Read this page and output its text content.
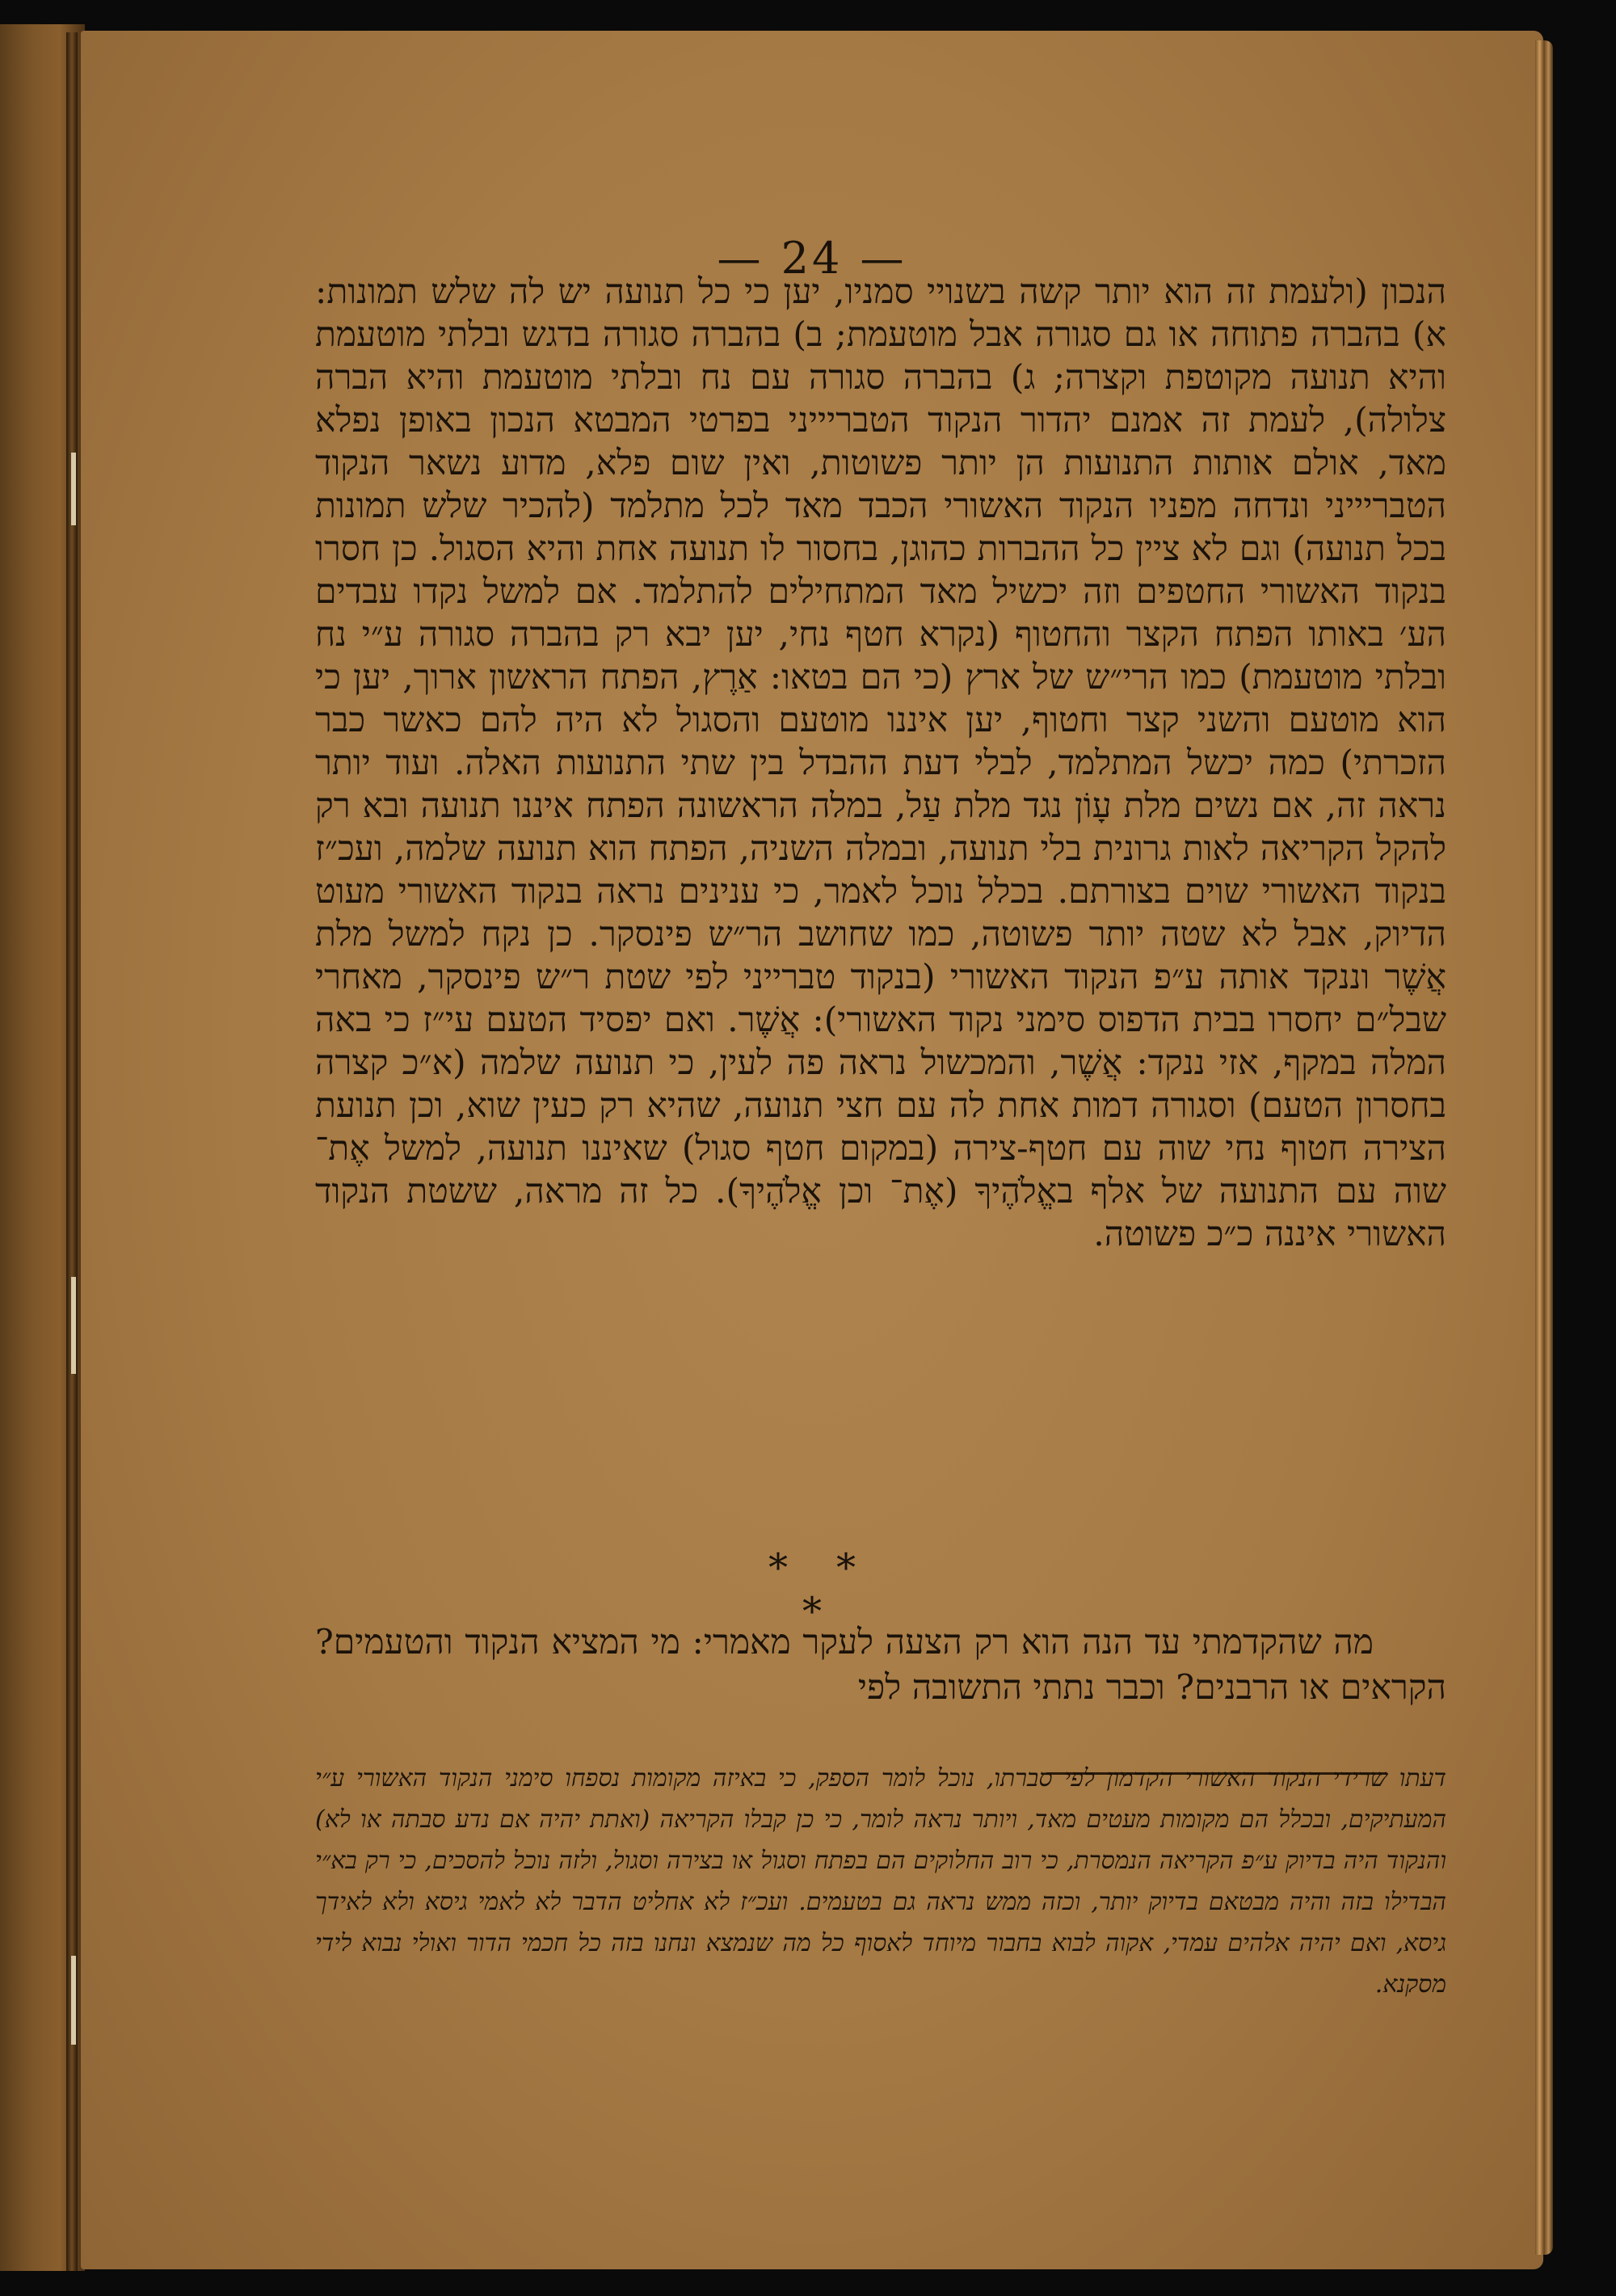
— 24 —
* *
*

הנכון (ולעמת זה הוא יותר קשה בשנויי סמניו, יען כי כל תנועה יש לה שלש תמונות: א) בהברה פתוחה או גם סגורה אבל מוטעמת; ב) בהברה סגורה בדגש ובלתי מוטעמת והיא תנועה מקוטפת וקצרה; ג) בהברה סגורה עם נח ובלתי מוטעמת והיא הברה צלולה), לעמת זה אמנם יהדור הנקוד הטבריייני בפרטי המבטא הנכון באופן נפלא מאד, אולם אותות התנועות הן יותר פשוטות, ואין שום פלא, מדוע נשאר הנקוד הטבריייני ונדחה מפניו הנקוד האשורי הכבד מאד לכל מתלמד (להכיר שלש תמונות בכל תנועה) וגם לא ציין כל ההברות כהוגן, בחסור לו תנועה אחת והיא הסגול. כן חסרו בנקוד האשורי החטפים וזה יכשיל מאד המתחילים להתלמד. אם למשל נקדו עבדים הע׳ באותו הפתח הקצר והחטוף (נקרא חטף נחי, יען יבא רק בהברה סגורה ע״י נח ובלתי מוטעמת) כמו הרי״ש של ארץ (כי הם בטאו: אַרֶץ, הפתח הראשון ארוך, יען כי הוא מוטעם והשני קצר וחטוף, יען איננו מוטעם והסגול לא היה להם כאשר כבר הזכרתי) כמה יכשל המתלמד, לבלי דעת ההבדל בין שתי התנועות האלה. ועוד יותר נראה זה, אם נשים מלת עָוֹן נגד מלת עַל, במלה הראשונה הפתח איננו תנועה ובא רק להקל הקריאה לאות גרונית בלי תנועה, ובמלה השניה, הפתח הוא תנועה שלמה, ועכ״ז בנקוד האשורי שוים בצורתם. בכלל נוכל לאמר, כי ענינים נראה בנקוד האשורי מעוט הדיוק, אבל לא שטה יותר פשוטה, כמו שחושב הר״ש פינסקר. כן נקח למשל מלת אֲשֶׁר וננקד אותה ע״פ הנקוד האשורי (בנקוד טברייני לפי שטת ר״ש פינסקר, מאחרי שבל״ם יחסרו בבית הדפוס סימני נקוד האשורי): אֲשֶׁר. ואם יפסיד הטעם עי״ז כי באה המלה במקף, אזי ננקד: אֲשֶׁר, והמכשול נראה פה לעין, כי תנועה שלמה (א״כ קצרה בחסרון הטעם) וסגורה דמות אחת לה עם חצי תנועה, שהיא רק כעין שוא, וכן תנועת הצירה חטוף נחי שוה עם חטף-צירה (במקום חטף סגול) שאיננו תנועה, למשל אֶת־ שוה עם התנועה של אלף באֱלֹהֶיךָ (אֶת־ וכן אֱלֹהֶיךָ). כל זה מראה, ששטת הנקוד האשורי איננה כ״כ פשוטה.

מה שהקדמתי עד הנה הוא רק הצעה לעקר מאמרי: מי המציא הנקוד והטעמים? הקראים או הרבנים? וכבר נתתי התשובה לפי
דעתו שרידי הנקוד האשורי הקדמון לפי סברתו, נוכל לומר הספק, כי באיזה מקומות נספחו סימני הנקוד האשורי ע״י המעתיקים, ובכלל הם מקומות מעטים מאד, ויותר נראה לומר, כי כן קבלו הקריאה (ואתת יהיה אם נדע סבתה או לא) והנקוד היה בדיוק ע״פ הקריאה הנמסרת, כי רוב החלוקים הם בפתח וסגול או בצירה וסגול, ולזה נוכל להסכים, כי רק בא״י הבדילו בזה והיה מבטאם בדיוק יותר, וכזה ממש נראה גם בטעמים. ועכ״ז לא אחליט הדבר לא לאמי גיסא ולא לאידך גיסא, ואם יהיה אלהים עמדי, אקוה לבוא בחבור מיוחד לאסוף כל מה שנמצא ונחנו בזה כל חכמי הדור ואולי נבוא לידי מסקנא.
